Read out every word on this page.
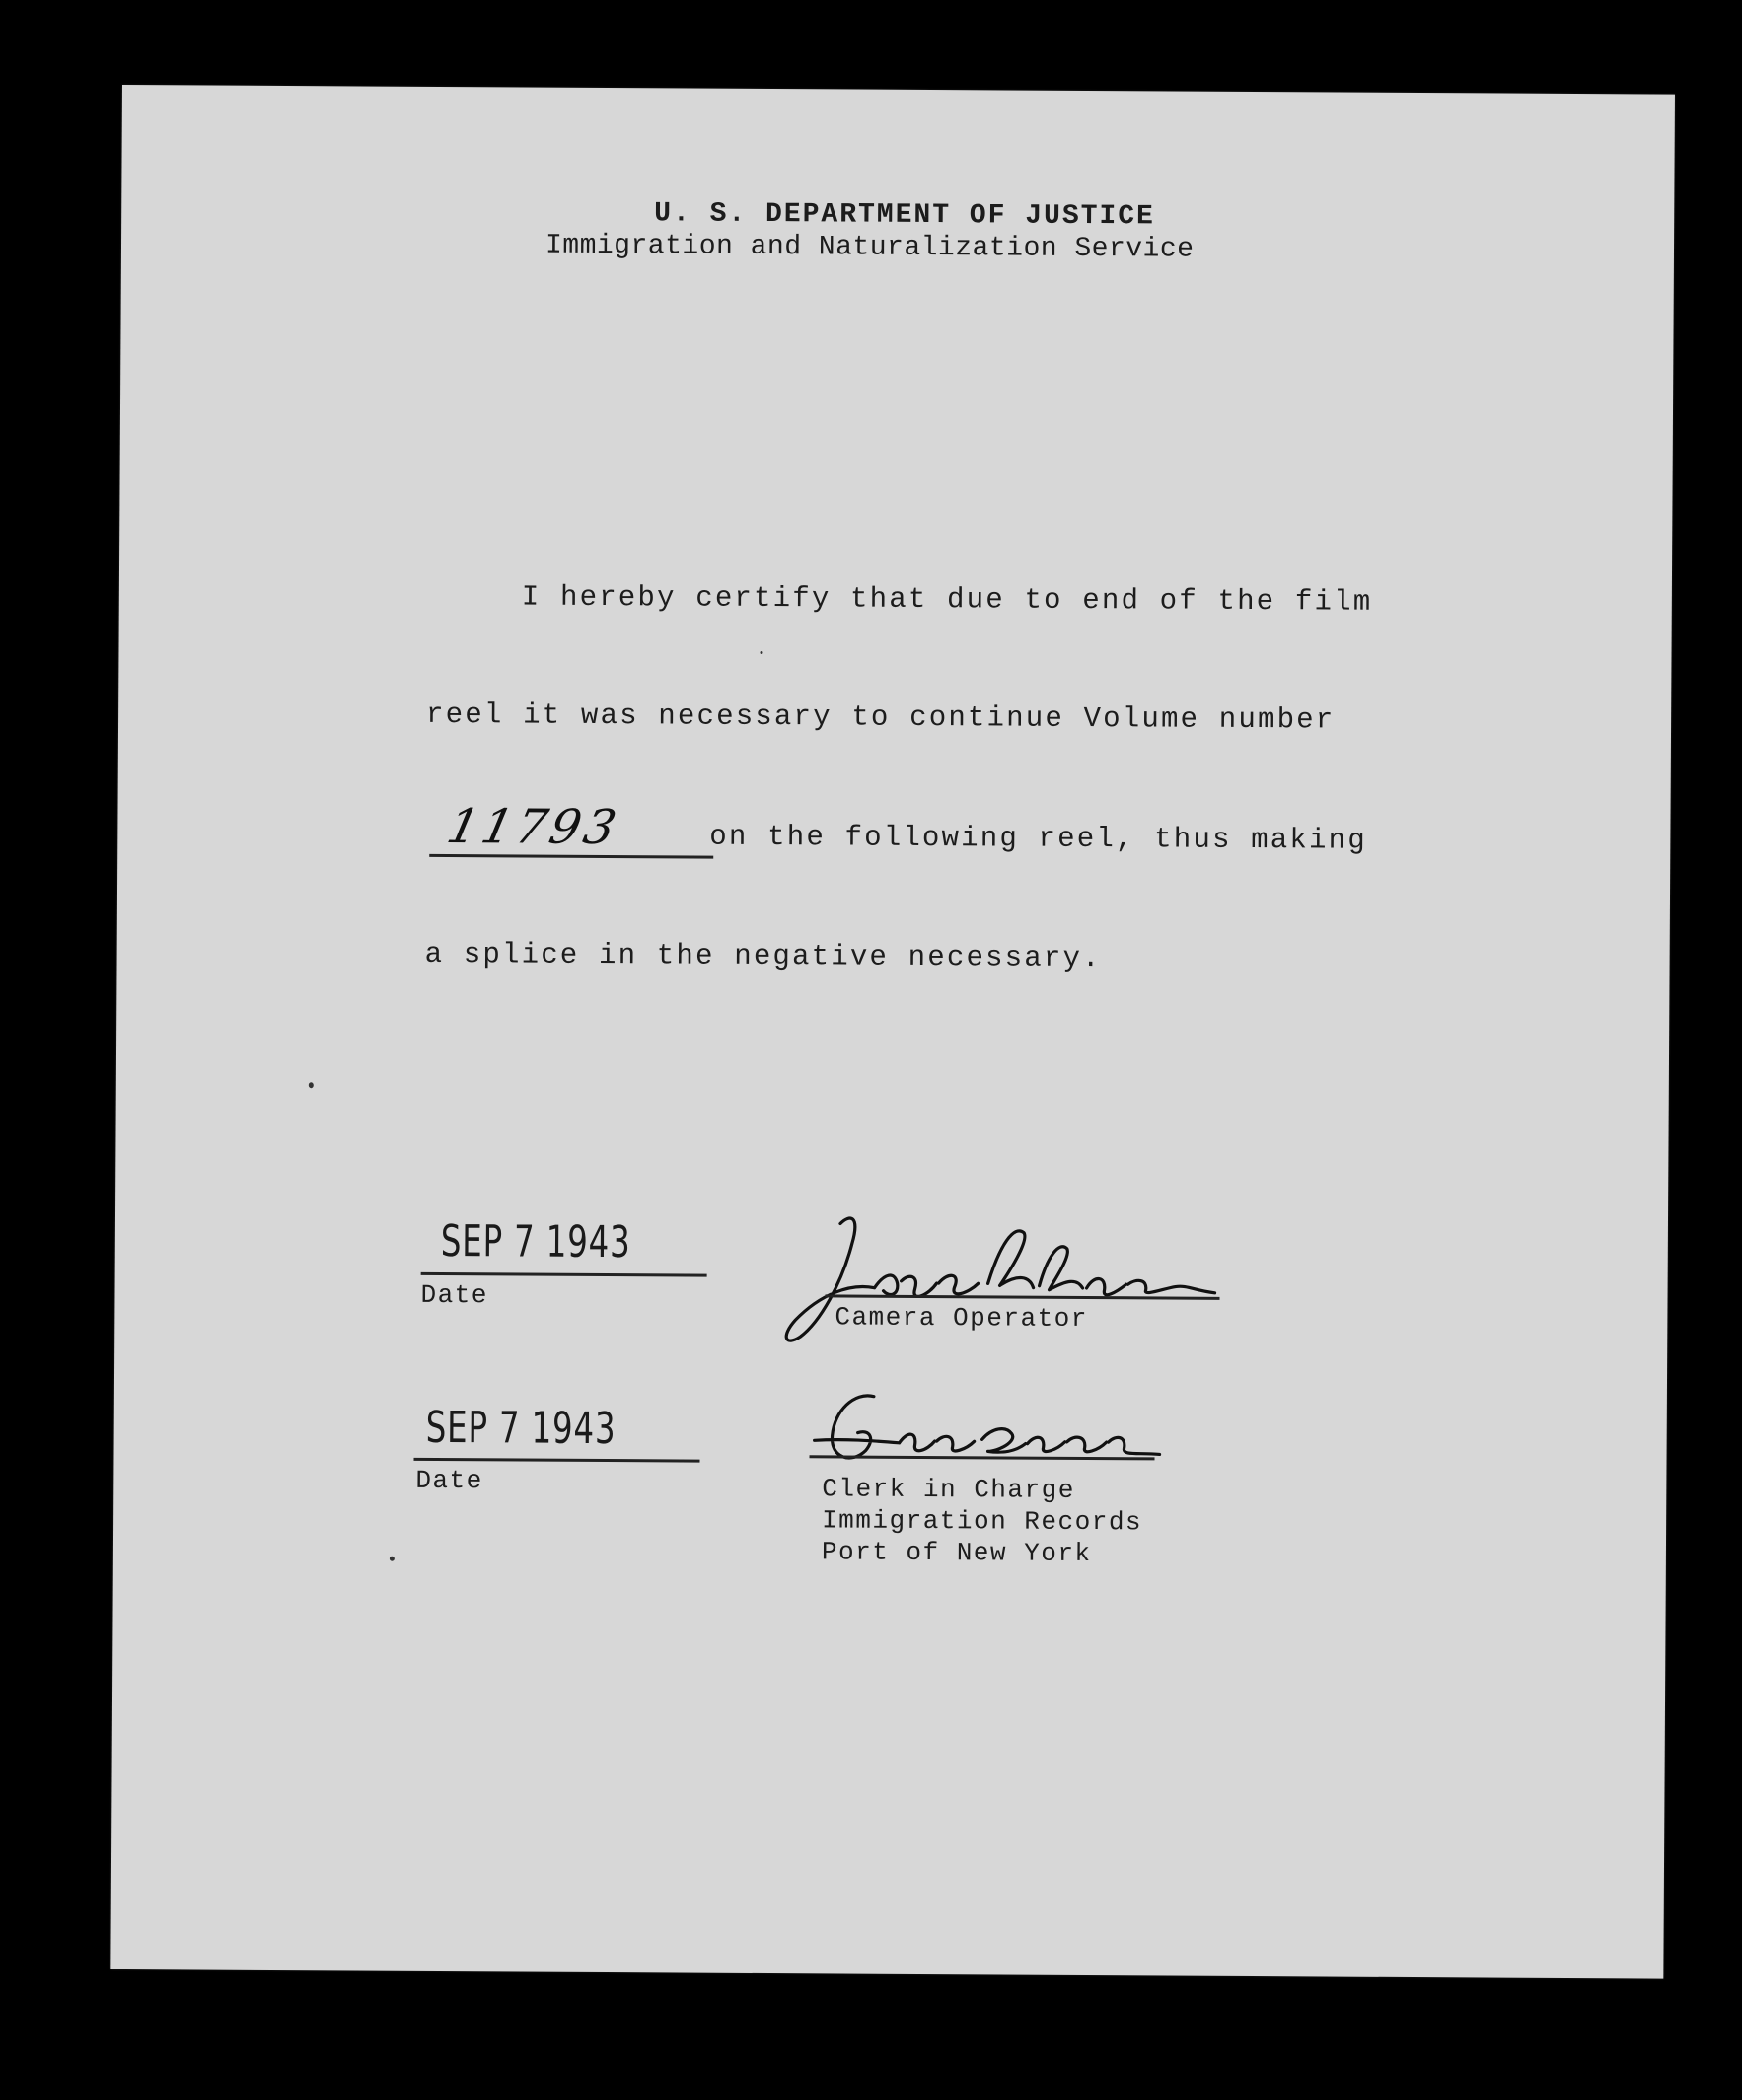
U. S. DEPARTMENT OF JUSTICE
Immigration and Naturalization Service
I hereby certify that due to end of the film
reel it was necessary to continue Volume number
11793	on the following reel, thus making
a splice in the negative necessary.
SEP 7 1943
Date
Camera Operator
SEP 7 1943
Date	Clerk in Charge
Immigration Records
Port of New York
